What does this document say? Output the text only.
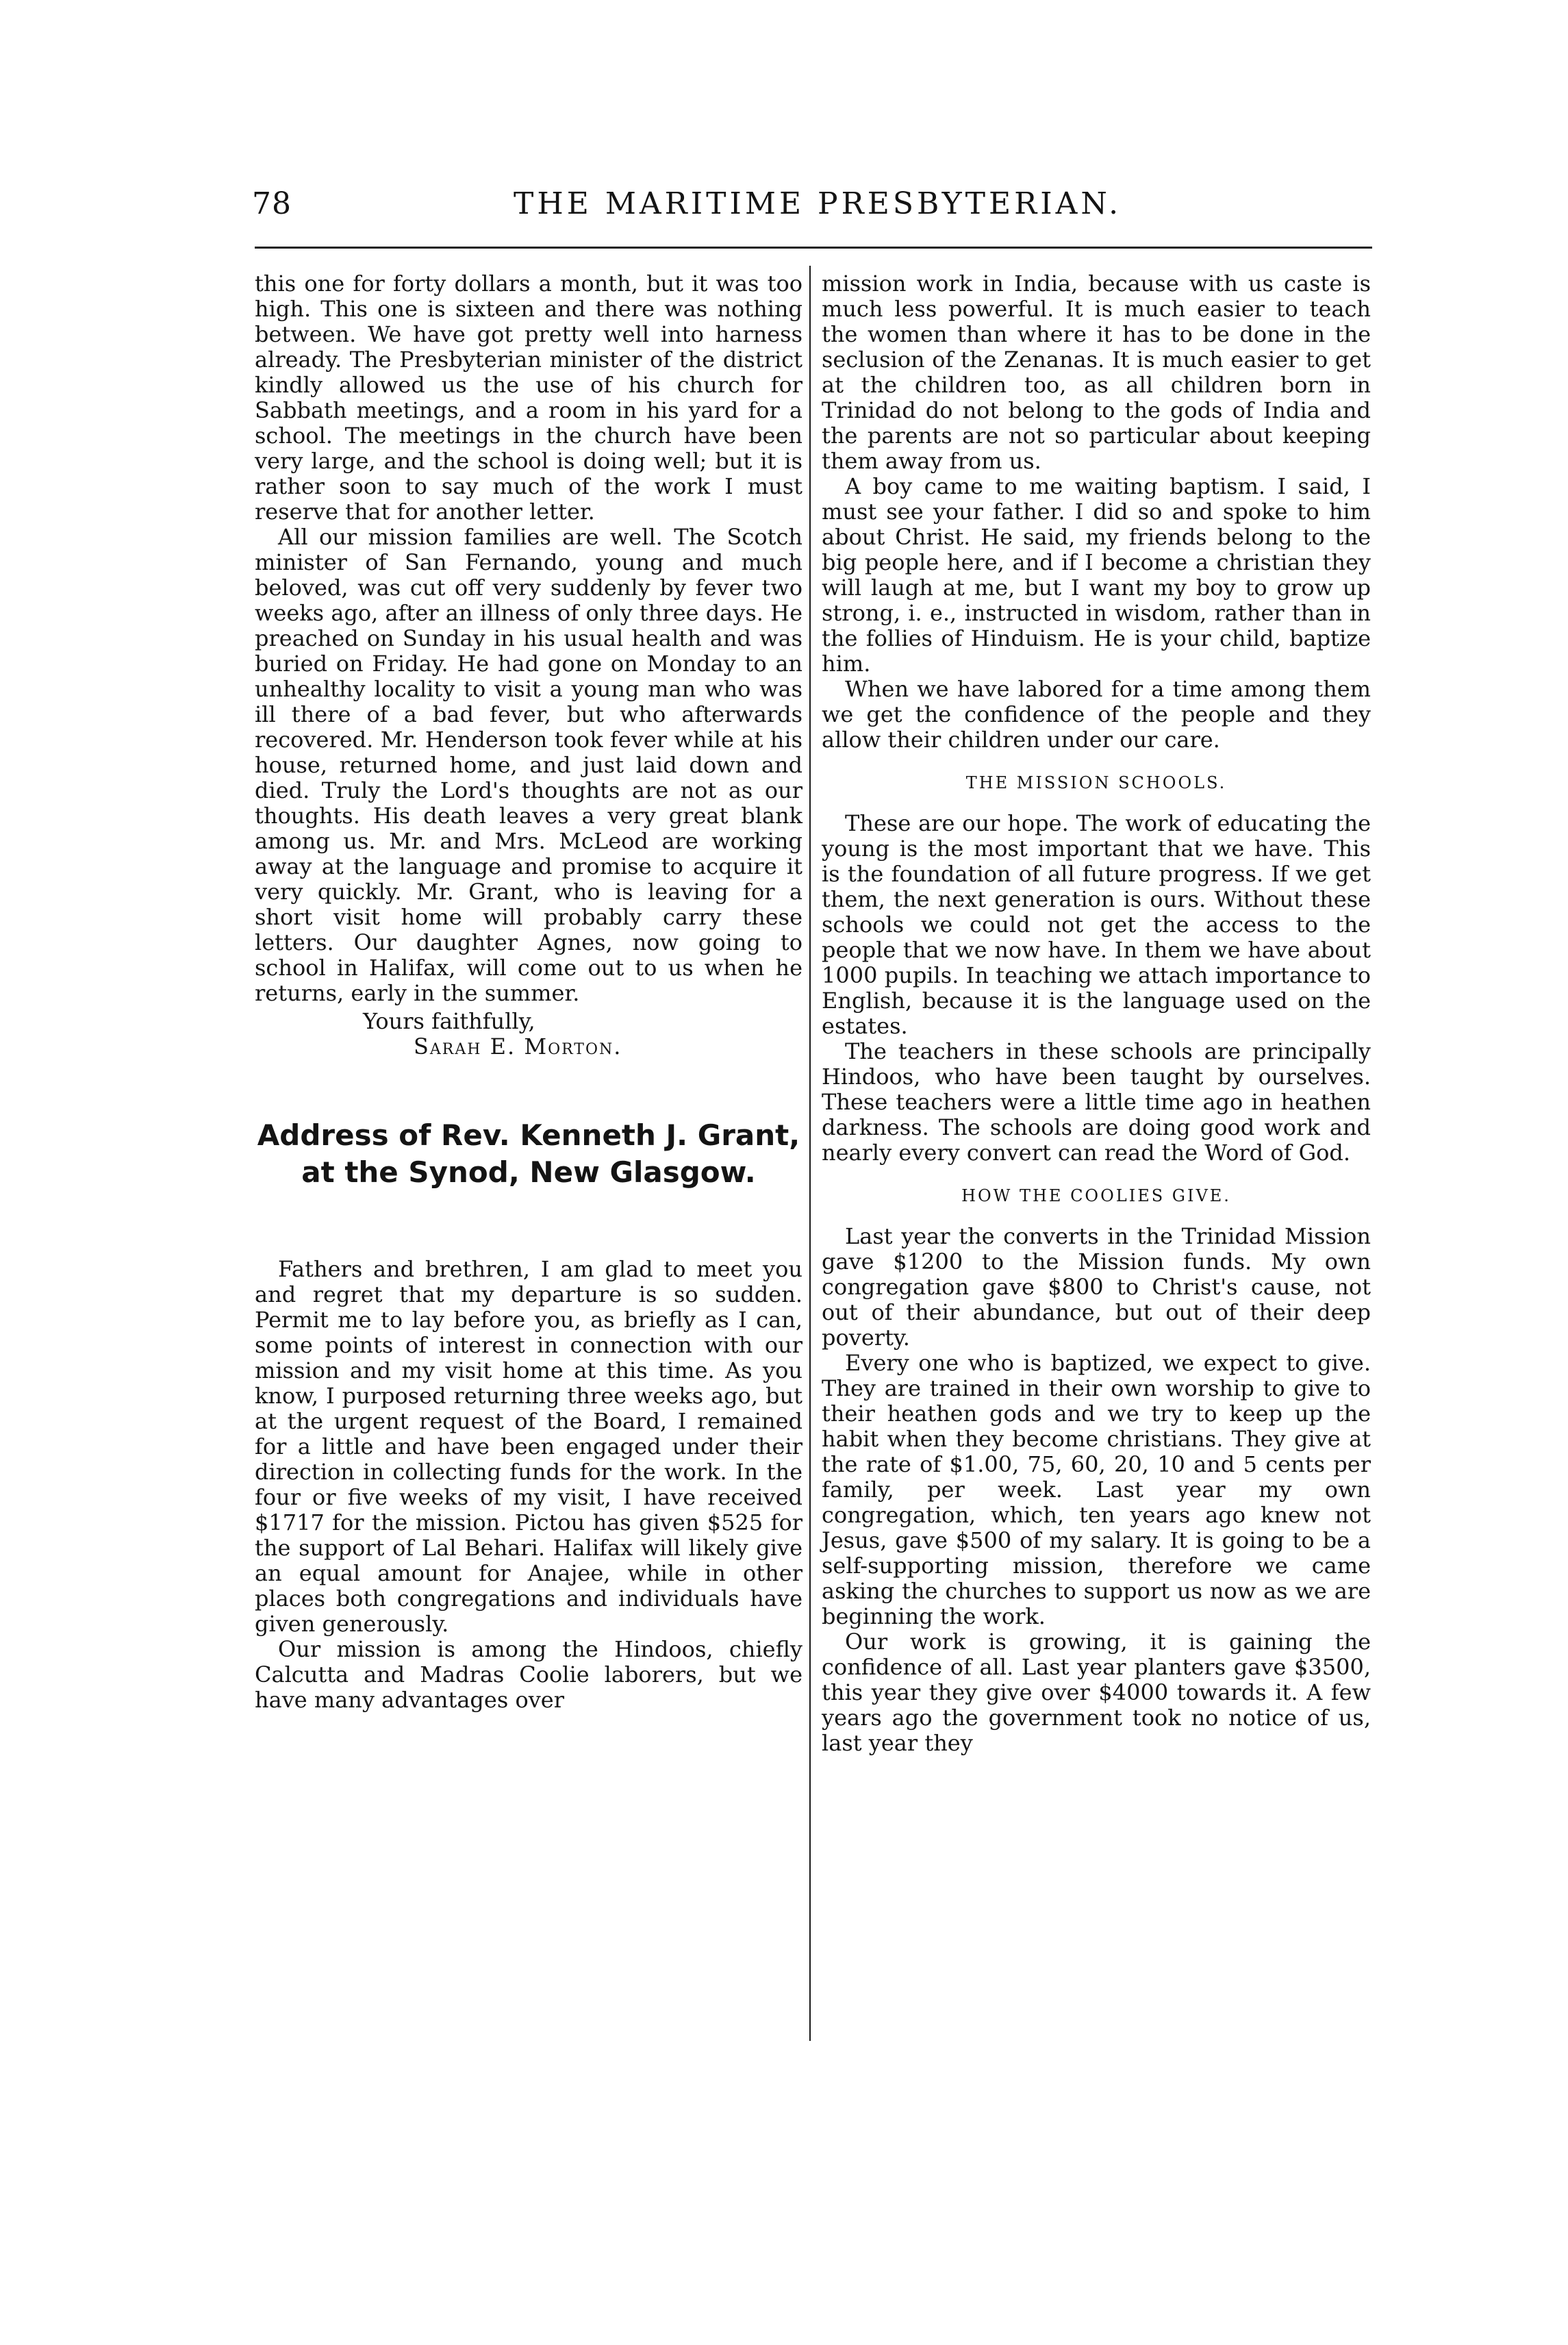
78	THE MARITIME PRESBYTERIAN.

this one for forty dollars a month, but it was too high. This one is sixteen and there was nothing between. We have got pretty well into harness already. The Presbyterian minister of the district kindly allowed us the use of his church for Sabbath meetings, and a room in his yard for a school. The meetings in the church have been very large, and the school is doing well; but it is rather soon to say much of the work I must reserve that for another letter.

All our mission families are well. The Scotch minister of San Fernando, young and much beloved, was cut off very suddenly by fever two weeks ago, after an illness of only three days. He preached on Sunday in his usual health and was buried on Friday. He had gone on Monday to an unhealthy locality to visit a young man who was ill there of a bad fever, but who afterwards recovered. Mr. Henderson took fever while at his house, returned home, and just laid down and died. Truly the Lord's thoughts are not as our thoughts. His death leaves a very great blank among us. Mr. and Mrs. McLeod are working away at the language and promise to acquire it very quickly. Mr. Grant, who is leaving for a short visit home will probably carry these letters. Our daughter Agnes, now going to school in Halifax, will come out to us when he returns, early in the summer.

Yours faithfully,
Sarah E. Morton.
Address of Rev. Kenneth J. Grant,
at the Synod, New Glasgow.

Fathers and brethren, I am glad to meet you and regret that my departure is so sudden. Permit me to lay before you, as briefly as I can, some points of interest in connection with our mission and my visit home at this time. As you know, I purposed returning three weeks ago, but at the urgent request of the Board, I remained for a little and have been engaged under their direction in collecting funds for the work. In the four or five weeks of my visit, I have received $1717 for the mission. Pictou has given $525 for the support of Lal Behari. Halifax will likely give an equal amount for Anajee, while in other places both congregations and individuals have given generously.

Our mission is among the Hindoos, chiefly Calcutta and Madras Coolie laborers, but we have many advantages over

mission work in India, because with us caste is much less powerful. It is much easier to teach the women than where it has to be done in the seclusion of the Zenanas. It is much easier to get at the children too, as all children born in Trinidad do not belong to the gods of India and the parents are not so particular about keeping them away from us.

A boy came to me waiting baptism. I said, I must see your father. I did so and spoke to him about Christ. He said, my friends belong to the big people here, and if I become a christian they will laugh at me, but I want my boy to grow up strong, i. e., instructed in wisdom, rather than in the follies of Hinduism. He is your child, baptize him.

When we have labored for a time among them we get the confidence of the people and they allow their children under our care.

THE MISSION SCHOOLS.

These are our hope. The work of educating the young is the most important that we have. This is the foundation of all future progress. If we get them, the next generation is ours. Without these schools we could not get the access to the people that we now have. In them we have about 1000 pupils. In teaching we attach importance to English, because it is the language used on the estates.

The teachers in these schools are principally Hindoos, who have been taught by ourselves. These teachers were a little time ago in heathen darkness. The schools are doing good work and nearly every convert can read the Word of God.

HOW THE COOLIES GIVE.

Last year the converts in the Trinidad Mission gave $1200 to the Mission funds. My own congregation gave $800 to Christ's cause, not out of their abundance, but out of their deep poverty.

Every one who is baptized, we expect to give. They are trained in their own worship to give to their heathen gods and we try to keep up the habit when they become christians. They give at the rate of $1.00, 75, 60, 20, 10 and 5 cents per family, per week. Last year my own congregation, which, ten years ago knew not Jesus, gave $500 of my salary. It is going to be a self-supporting mission, therefore we came asking the churches to support us now as we are beginning the work.

Our work is growing, it is gaining the confidence of all. Last year planters gave $3500, this year they give over $4000 towards it. A few years ago the government took no notice of us, last year they
